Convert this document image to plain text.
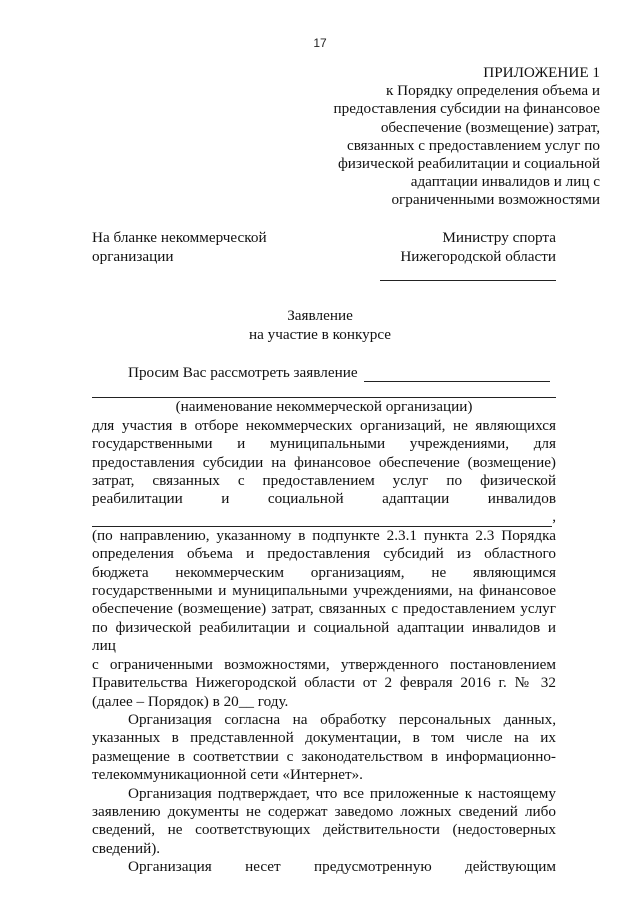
17
ПРИЛОЖЕНИЕ 1
к Порядку определения объема и
предоставления субсидии на финансовое
обеспечение (возмещение) затрат,
связанных с предоставлением услуг по
физической реабилитации и социальной
адаптации инвалидов и лиц с
ограниченными возможностями
На бланке некоммерческой
организации
Министру спорта
Нижегородской области
Заявление
на участие в конкурсе
Просим Вас рассмотреть заявление
(наименование некоммерческой организации)

для участия в отборе некоммерческих организаций, не являющихся

государственными и муниципальными учреждениями, для

предоставления субсидии на финансовое обеспечение (возмещение)

затрат, связанных с предоставлением услуг по физической

реабилитации и социальной адаптации инвалидов

,

(по направлению, указанному в подпункте 2.3.1 пункта 2.3 Порядка

определения объема и предоставления субсидий из областного

бюджета некоммерческим организациям, не являющимся

государственными и муниципальными учреждениями, на финансовое

обеспечение (возмещение) затрат, связанных с предоставлением услуг

по физической реабилитации и социальной адаптации инвалидов и лиц

с ограниченными возможностями, утвержденного постановлением

Правительства Нижегородской области от 2 февраля 2016 г. № 32

(далее – Порядок) в 20__ году.

Организация согласна на обработку персональных данных,

указанных в представленной документации, в том числе на их

размещение в соответствии с законодательством в информационно-

телекоммуникационной сети «Интернет».

Организация подтверждает, что все приложенные к настоящему

заявлению документы не содержат заведомо ложных сведений либо

сведений, не соответствующих действительности (недостоверных

сведений).

Организация несет предусмотренную действующим
